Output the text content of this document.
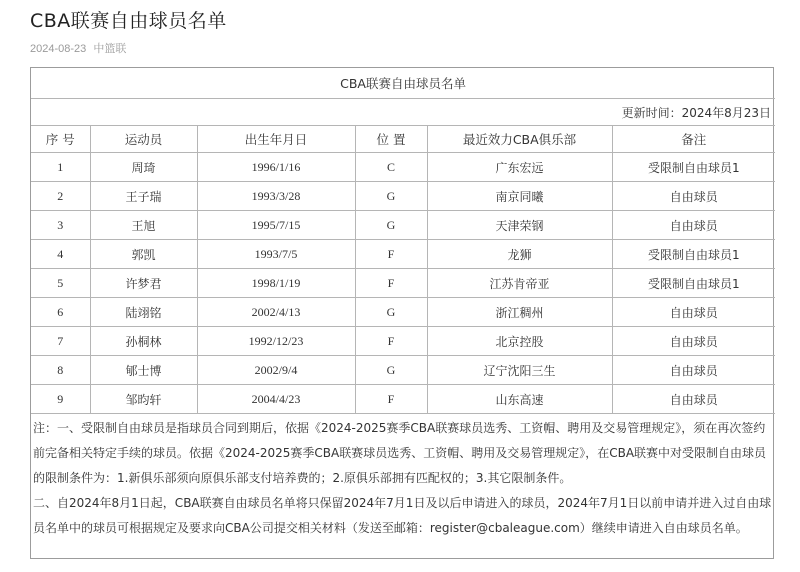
CBA联赛自由球员名单
2024-08-23 中篮联
CBA联赛自由球员名单					
更新时间：2024年8月23日					
序 号	运动员	出生年月日	位 置	最近效力CBA俱乐部	备注
1	周琦	1996/1/16	C	广东宏远	受限制自由球员1
2	王子瑞	1993/3/28	G	南京同曦	自由球员
3	王旭	1995/7/15	G	天津荣钢	自由球员
4	郭凯	1993/7/5	F	龙狮	受限制自由球员1
5	许梦君	1998/1/19	F	江苏肯帝亚	受限制自由球员1
6	陆翊铭	2002/4/13	G	浙江稠州	自由球员
7	孙桐林	1992/12/23	F	北京控股	自由球员
8	郇士博	2002/9/4	G	辽宁沈阳三生	自由球员
9	邹昀轩	2004/4/23	F	山东高速	自由球员

注：一、受限制自由球员是指球员合同到期后，依据《2024-2025赛季CBA联赛球员选秀、工资帽、聘用及交易管理规定》，须在再次签约前完备相关特定手续的球员。依据《2024-2025赛季CBA联赛球员选秀、工资帽、聘用及交易管理规定》，在CBA联赛中对受限制自由球员的限制条件为：1.新俱乐部须向原俱乐部支付培养费的；2.原俱乐部拥有匹配权的；3.其它限制条件。

二、自2024年8月1日起，CBA联赛自由球员名单将只保留2024年7月1日及以后申请进入的球员，2024年7月1日以前申请并进入过自由球员名单中的球员可根据规定及要求向CBA公司提交相关材料（发送至邮箱：register@cbaleague.com）继续申请进入自由球员名单。					
